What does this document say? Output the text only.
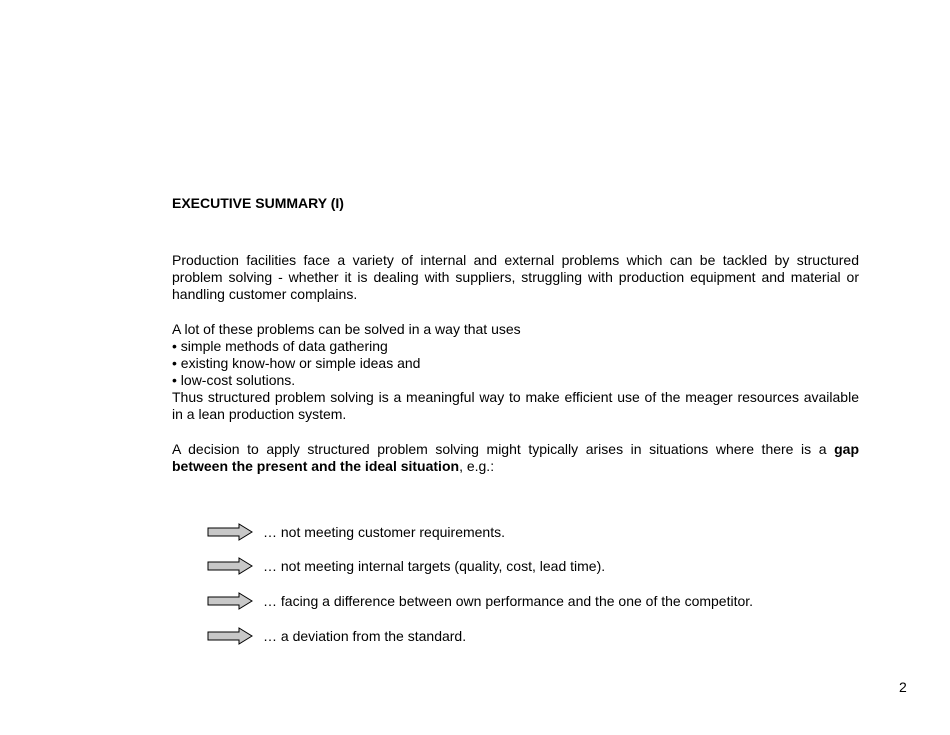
EXECUTIVE SUMMARY (I)
Production facilities face a variety of internal and external problems which can be tackled by structured problem solving - whether it is dealing with suppliers, struggling with production equipment and material or handling customer complains.
A lot of these problems can be solved in a way that uses
• simple methods of data gathering
• existing know-how or simple ideas and
• low-cost solutions.
Thus structured problem solving is a meaningful way to make efficient use of the meager resources available in a lean production system.
A decision to apply structured problem solving might typically arises in situations where there is a gap between the present and the ideal situation, e.g.:
… not meeting customer requirements.
… not meeting internal targets (quality, cost, lead time).
… facing a difference between own performance and the one of the competitor.
… a deviation from the standard.
2
